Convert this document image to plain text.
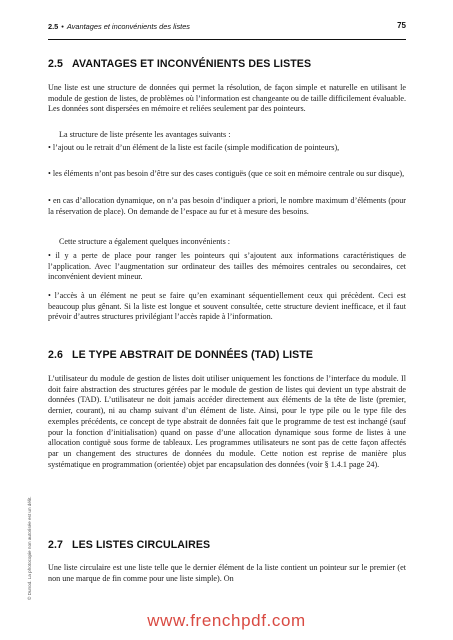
2.5 • Avantages et inconvénients des listes	75
2.5 AVANTAGES ET INCONVÉNIENTS DES LISTES
Une liste est une structure de données qui permet la résolution, de façon simple et naturelle en utilisant le module de gestion de listes, de problèmes où l’information est changeante ou de taille difficilement évaluable. Les données sont dispersées en mémoire et reliées seulement par des pointeurs.
La structure de liste présente les avantages suivants :
• l’ajout ou le retrait d’un élément de la liste est facile (simple modification de pointeurs),
• les éléments n’ont pas besoin d’être sur des cases contiguës (que ce soit en mémoire centrale ou sur disque),
• en cas d’allocation dynamique, on n’a pas besoin d’indiquer a priori, le nombre maximum d’éléments (pour la réservation de place). On demande de l’espace au fur et à mesure des besoins.
Cette structure a également quelques inconvénients :
• il y a perte de place pour ranger les pointeurs qui s’ajoutent aux informations caractéristiques de l’application. Avec l’augmentation sur ordinateur des tailles des mémoires centrales ou secondaires, cet inconvénient devient mineur.
• l’accès à un élément ne peut se faire qu’en examinant séquentiellement ceux qui précèdent. Ceci est beaucoup plus gênant. Si la liste est longue et souvent consultée, cette structure devient inefficace, et il faut prévoir d’autres structures privilégiant l’accès rapide à l’information.
2.6 LE TYPE ABSTRAIT DE DONNÉES (TAD) LISTE
L’utilisateur du module de gestion de listes doit utiliser uniquement les fonctions de l’interface du module. Il doit faire abstraction des structures gérées par le module de gestion de listes qui devient un type abstrait de données (TAD). L’utilisateur ne doit jamais accéder directement aux éléments de la tête de liste (premier, dernier, courant), ni au champ suivant d’un élément de liste. Ainsi, pour le type pile ou le type file des exemples précédents, ce concept de type abstrait de données fait que le programme de test est inchangé (sauf pour la fonction d’initialisation) quand on passe d’une allocation dynamique sous forme de listes à une allocation contiguë sous forme de tableaux. Les programmes utilisateurs ne sont pas de cette façon affectés par un changement des structures de données du module. Cette notion est reprise de manière plus systématique en programmation (orientée) objet par encapsulation des données (voir § 1.4.1 page 24).
2.7 LES LISTES CIRCULAIRES
Une liste circulaire est une liste telle que le dernier élément de la liste contient un pointeur sur le premier (et non une marque de fin comme pour une liste simple). On
© Dunod. La photocopie non autorisée est un délit.
www.frenchpdf.com
